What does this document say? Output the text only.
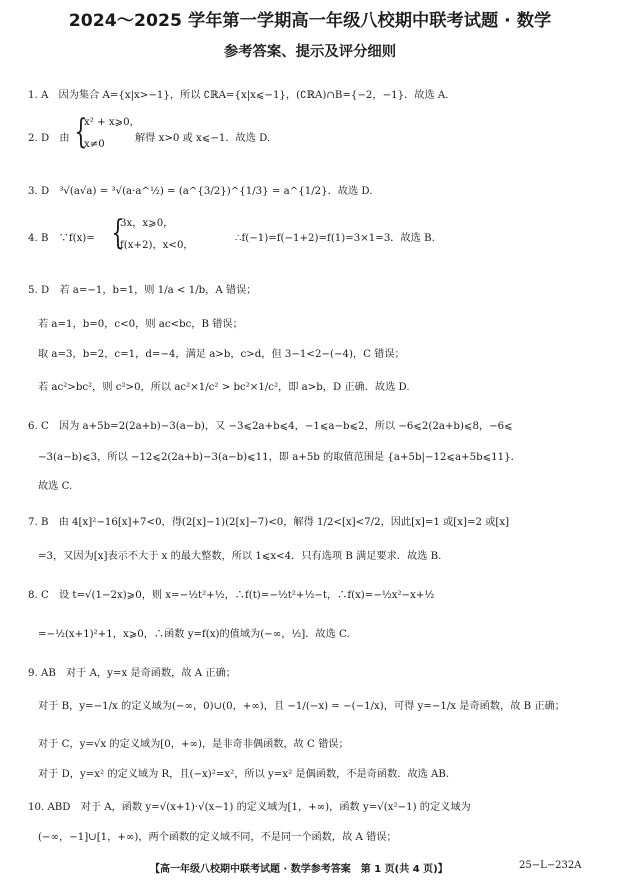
2024～2025 学年第一学期高一年级八校期中联考试题 · 数学
参考答案、提示及评分细则
1. A　因为集合 A={x|x>−1}，所以 ∁ℝA={x|x⩽−1}，(∁ℝA)∩B={−2，−1}．故选 A.
2. D　由 {
x² + x⩾0，
x≠0
解得 x>0 或 x⩽−1．故选 D.
3. D　³√(a√a) = ³√(a·a^½) = (a^{3/2})^{1/3} = a^{1/2}．故选 D.
4. B　∵f(x)= {
3x，x⩾0，
f(x+2)，x<0，
∴f(−1)=f(−1+2)=f(1)=3×1=3．故选 B.
5. D　若 a=−1，b=1，则 1/a < 1/b，A 错误；
若 a=1，b=0，c<0，则 ac<bc，B 错误；
取 a=3，b=2，c=1，d=−4，满足 a>b，c>d，但 3−1<2−(−4)，C 错误；
若 ac²>bc²，则 c²>0，所以 ac²×1/c² > bc²×1/c²，即 a>b，D 正确．故选 D.
6. C　因为 a+5b=2(2a+b)−3(a−b)，又 −3⩽2a+b⩽4，−1⩽a−b⩽2，所以 −6⩽2(2a+b)⩽8，−6⩽
−3(a−b)⩽3，所以 −12⩽2(2a+b)−3(a−b)⩽11，即 a+5b 的取值范围是 {a+5b|−12⩽a+5b⩽11}．
故选 C.
7. B　由 4[x]²−16[x]+7<0，得(2[x]−1)(2[x]−7)<0，解得 1/2<[x]<7/2，因此[x]=1 或[x]=2 或[x]
=3，又因为[x]表示不大于 x 的最大整数，所以 1⩽x<4．只有选项 B 满足要求．故选 B.
8. C　设 t=√(1−2x)⩾0，则 x=−½t²+½，∴f(t)=−½t²+½−t，∴f(x)=−½x²−x+½
=−½(x+1)²+1，x⩾0，∴函数 y=f(x)的值域为(−∞，½]．故选 C.
9. AB　对于 A，y=x 是奇函数，故 A 正确；
对于 B，y=−1/x 的定义域为(−∞，0)∪(0，+∞)，且 −1/(−x) = −(−1/x)，可得 y=−1/x 是奇函数，故 B 正确；
对于 C，y=√x 的定义域为[0，+∞)，是非奇非偶函数，故 C 错误；
对于 D，y=x² 的定义域为 R，且(−x)²=x²，所以 y=x² 是偶函数，不是奇函数．故选 AB.
10. ABD　对于 A，函数 y=√(x+1)·√(x−1) 的定义域为[1，+∞)，函数 y=√(x²−1) 的定义域为
(−∞，−1]∪[1，+∞)，两个函数的定义域不同，不是同一个函数，故 A 错误；
【高一年级八校期中联考试题 · 数学参考答案　第 1 页(共 4 页)】	25−L−232A
